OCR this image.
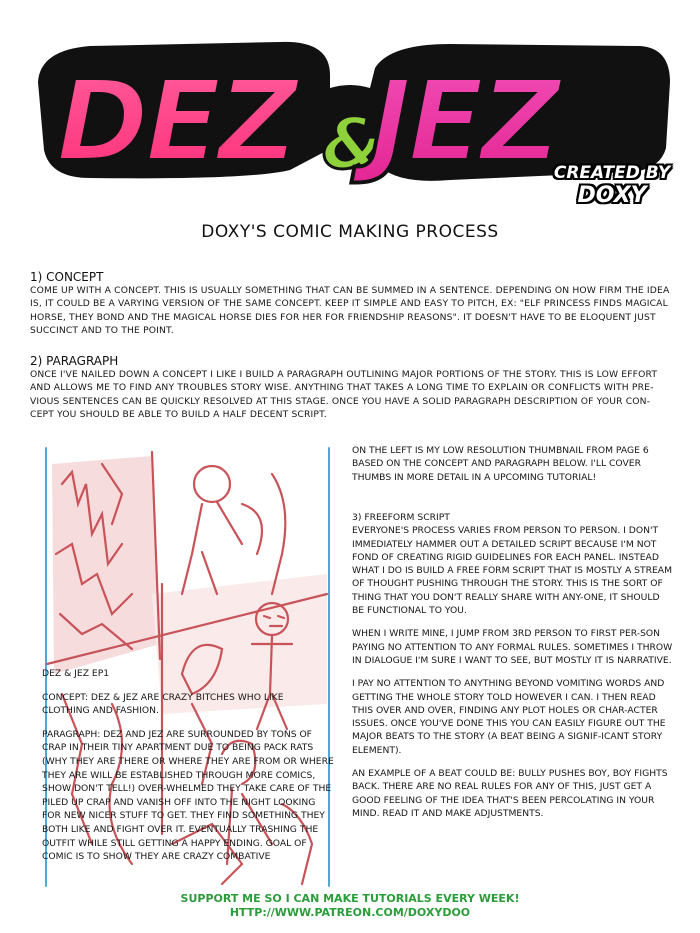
DEZ &
JEZ
CREATED BY
DOXY
DOXY'S COMIC MAKING PROCESS
1) CONCEPT
COME UP WITH A CONCEPT. THIS IS USUALLY SOMETHING THAT CAN BE SUMMED IN A SENTENCE. DEPENDING ON HOW FIRM THE IDEA IS, IT COULD BE A VARYING VERSION OF THE SAME CONCEPT. KEEP IT SIMPLE AND EASY TO PITCH, EX: "ELF PRINCESS FINDS MAGICAL HORSE, THEY BOND AND THE MAGICAL HORSE DIES FOR HER FOR FRIENDSHIP REASONS". IT DOESN'T HAVE TO BE ELOQUENT JUST SUCCINCT AND TO THE POINT.
2) PARAGRAPH
ONCE I'VE NAILED DOWN A CONCEPT I LIKE I BUILD A PARAGRAPH OUTLINING MAJOR PORTIONS OF THE STORY. THIS IS LOW EFFORT AND ALLOWS ME TO FIND ANY TROUBLES STORY WISE. ANYTHING THAT TAKES A LONG TIME TO EXPLAIN OR CONFLICTS WITH PRE-VIOUS SENTENCES CAN BE QUICKLY RESOLVED AT THIS STAGE. ONCE YOU HAVE A SOLID PARAGRAPH DESCRIPTION OF YOUR CON-CEPT YOU SHOULD BE ABLE TO BUILD A HALF DECENT SCRIPT.

DEZ & JEZ EP1

CONCEPT: DEZ & JEZ ARE CRAZY BITCHES WHO LIKE CLOTHING AND FASHION.

PARAGRAPH: DEZ AND JEZ ARE SURROUNDED BY TONS OF CRAP IN THEIR TINY APARTMENT DUE TO BEING PACK RATS (WHY THEY ARE THERE OR WHERE THEY ARE FROM OR WHERE THEY ARE WILL BE ESTABLISHED THROUGH MORE COMICS, SHOW DON'T TELL!) OVER-WHELMED THEY TAKE CARE OF THE PILED UP CRAP AND VANISH OFF INTO THE NIGHT LOOKING FOR NEW NICER STUFF TO GET. THEY FIND SOMETHING THEY BOTH LIKE AND FIGHT OVER IT. EVENTUALLY TRASHING THE OUTFIT WHILE STILL GETTING A HAPPY ENDING. GOAL OF COMIC IS TO SHOW THEY ARE CRAZY COMBATIVE

ON THE LEFT IS MY LOW RESOLUTION THUMBNAIL FROM PAGE 6 BASED ON THE CONCEPT AND PARAGRAPH BELOW. I'LL COVER THUMBS IN MORE DETAIL IN A UPCOMING TUTORIAL!

3) FREEFORM SCRIPT

EVERYONE'S PROCESS VARIES FROM PERSON TO PERSON. I DON'T IMMEDIATELY HAMMER OUT A DETAILED SCRIPT BECAUSE I'M NOT FOND OF CREATING RIGID GUIDELINES FOR EACH PANEL. INSTEAD WHAT I DO IS BUILD A FREE FORM SCRIPT THAT IS MOSTLY A STREAM OF THOUGHT PUSHING THROUGH THE STORY. THIS IS THE SORT OF THING THAT YOU DON'T REALLY SHARE WITH ANY-ONE, IT SHOULD BE FUNCTIONAL TO YOU.

WHEN I WRITE MINE, I JUMP FROM 3RD PERSON TO FIRST PER-SON PAYING NO ATTENTION TO ANY FORMAL RULES. SOMETIMES I THROW IN DIALOGUE I'M SURE I WANT TO SEE, BUT MOSTLY IT IS NARRATIVE.

I PAY NO ATTENTION TO ANYTHING BEYOND VOMITING WORDS AND GETTING THE WHOLE STORY TOLD HOWEVER I CAN. I THEN READ THIS OVER AND OVER, FINDING ANY PLOT HOLES OR CHAR-ACTER ISSUES. ONCE YOU'VE DONE THIS YOU CAN EASILY FIGURE OUT THE MAJOR BEATS TO THE STORY (A BEAT BEING A SIGNIF-ICANT STORY ELEMENT).

AN EXAMPLE OF A BEAT COULD BE: BULLY PUSHES BOY, BOY FIGHTS BACK. THERE ARE NO REAL RULES FOR ANY OF THIS, JUST GET A GOOD FEELING OF THE IDEA THAT'S BEEN PERCOLATING IN YOUR MIND. READ IT AND MAKE ADJUSTMENTS.

SUPPORT ME SO I CAN MAKE TUTORIALS EVERY WEEK!
HTTP://WWW.PATREON.COM/DOXYDOO
